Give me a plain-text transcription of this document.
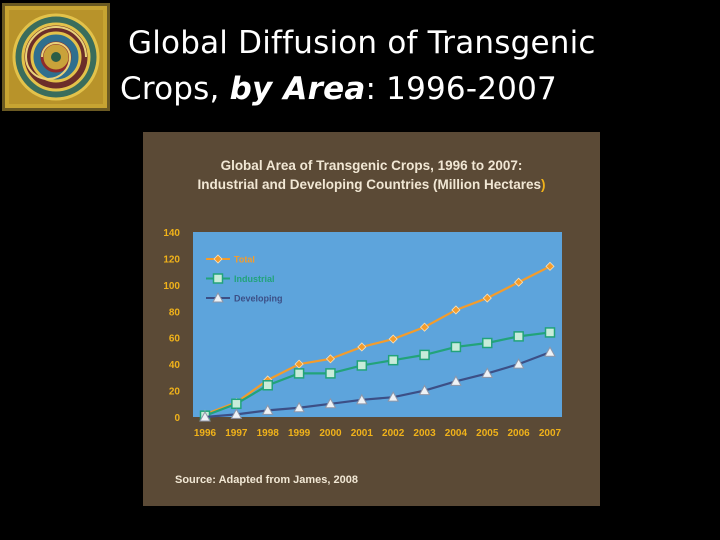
Global Diffusion of Transgenic
Crops, by Area: 1996-2007
Global Area of Transgenic Crops, 1996 to 2007:
Industrial and Developing Countries (Million Hectares)
0
20
40
60
80
100
120
140
1996 1997 1998 1999 2000 2001 2002 2003 2004 2005 2006 2007
Total
Industrial
Developing
Source: Adapted from James, 2008
